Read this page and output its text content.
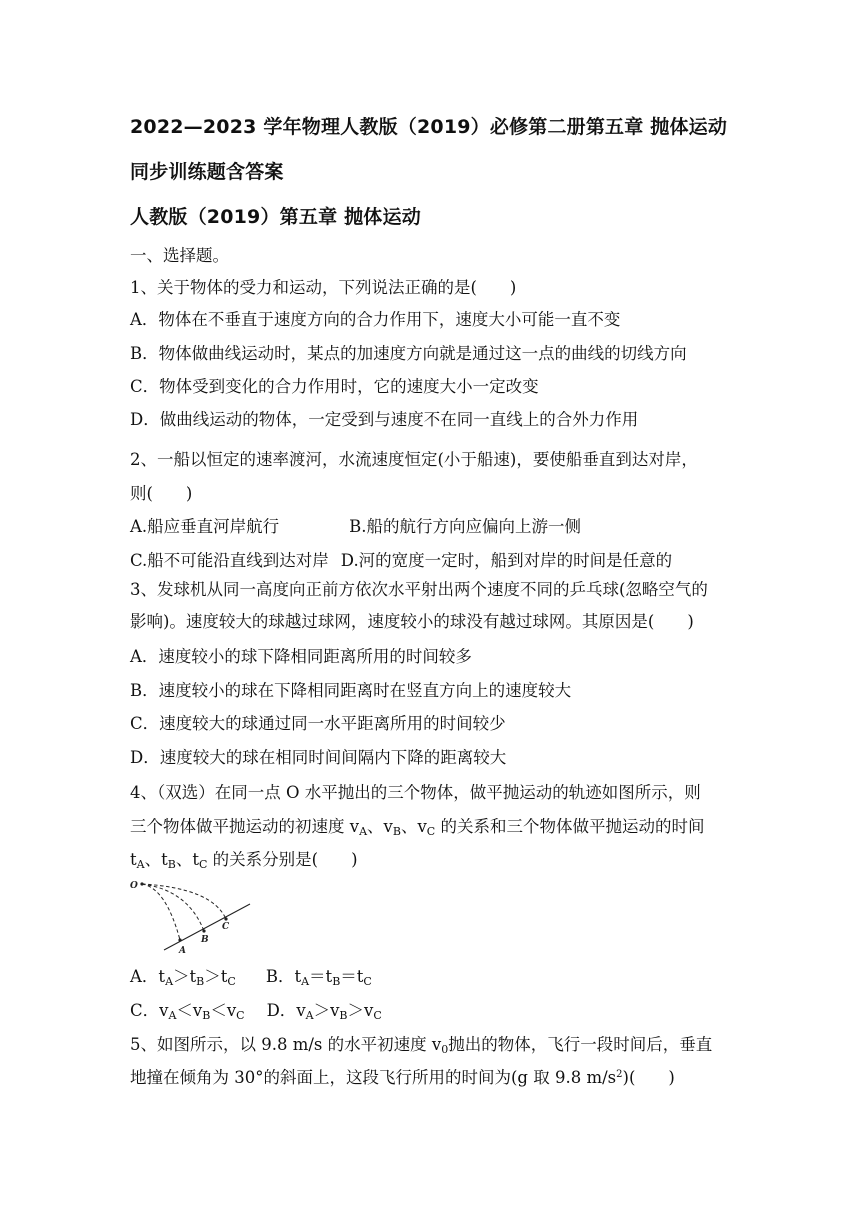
2022—2023 学年物理人教版（2019）必修第二册第五章 抛体运动
同步训练题含答案
人教版（2019）第五章 抛体运动
一、选择题。
1、关于物体的受力和运动，下列说法正确的是(　　)
A．物体在不垂直于速度方向的合力作用下，速度大小可能一直不变
B．物体做曲线运动时，某点的加速度方向就是通过这一点的曲线的切线方向
C．物体受到变化的合力作用时，它的速度大小一定改变
D．做曲线运动的物体，一定受到与速度不在同一直线上的合外力作用
2、一船以恒定的速率渡河，水流速度恒定(小于船速)，要使船垂直到达对岸，
则(　　)
A.船应垂直河岸航行	B.船的航行方向应偏向上游一侧
C.船不可能沿直线到达对岸 D.河的宽度一定时，船到对岸的时间是任意的
3、发球机从同一高度向正前方依次水平射出两个速度不同的乒乓球(忽略空气的
影响)。速度较大的球越过球网，速度较小的球没有越过球网。其原因是(　　)
A．速度较小的球下降相同距离所用的时间较多
B．速度较小的球在下降相同距离时在竖直方向上的速度较大
C．速度较大的球通过同一水平距离所用的时间较少
D．速度较大的球在相同时间间隔内下降的距离较大
4、（双选）在同一点 O 水平抛出的三个物体，做平抛运动的轨迹如图所示，则
三个物体做平抛运动的初速度 $v_A$、$v_B$、$v_C$ 的关系和三个物体做平抛运动的时间
$t_A$、$t_B$、$t_C$ 的关系分别是(　　)
O
A
B
C
A．$t_A>t_B>t_C$ B．$t_A=t_B=t_C$
C．$v_A<v_B<v_C$ D．$v_A>v_B>v_C$
5、如图所示，以 9.8 m/s 的水平初速度 $v_0$抛出的物体，飞行一段时间后，垂直
地撞在倾角为 30°的斜面上，这段飞行所用的时间为(g 取 9.8 $m/s^2$)(　　)
